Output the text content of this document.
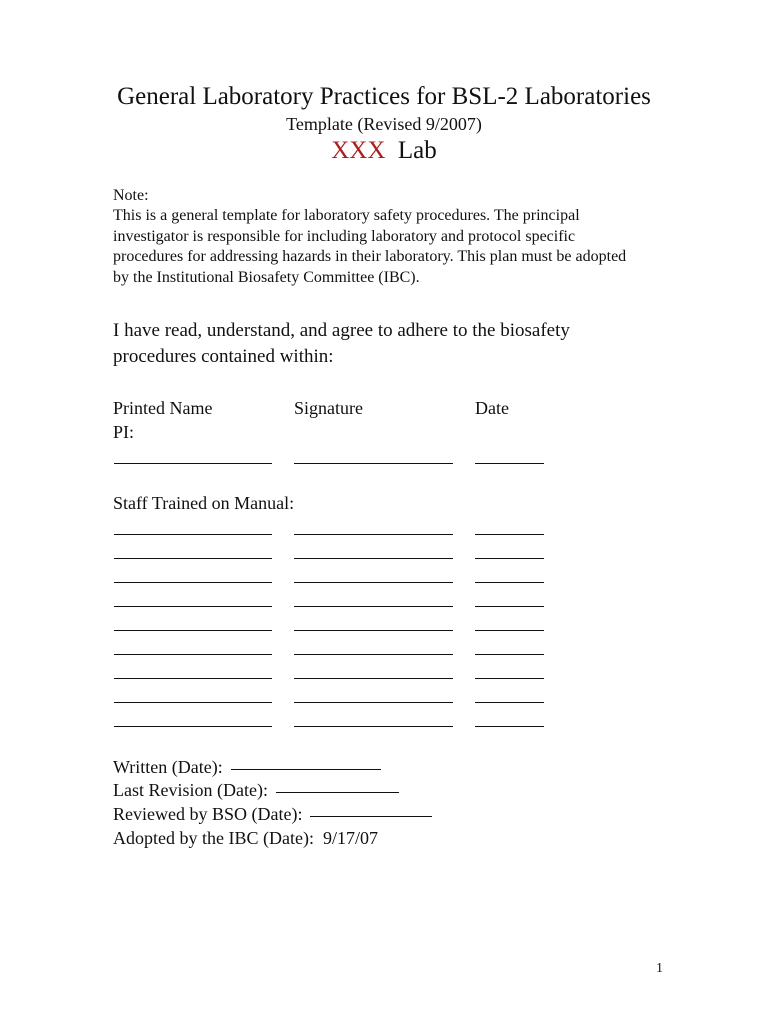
General Laboratory Practices for BSL-2 Laboratories
Template (Revised 9/2007)
XXX Lab
Note:
This is a general template for laboratory safety procedures. The principal investigator is responsible for including laboratory and protocol specific procedures for addressing hazards in their laboratory. This plan must be adopted by the Institutional Biosafety Committee (IBC).
I have read, understand, and agree to adhere to the biosafety procedures contained within:
Printed Name	Signature	Date
PI:
Staff Trained on Manual:
Written (Date):
Last Revision (Date):
Reviewed by BSO (Date):
Adopted by the IBC (Date): 9/17/07
1
